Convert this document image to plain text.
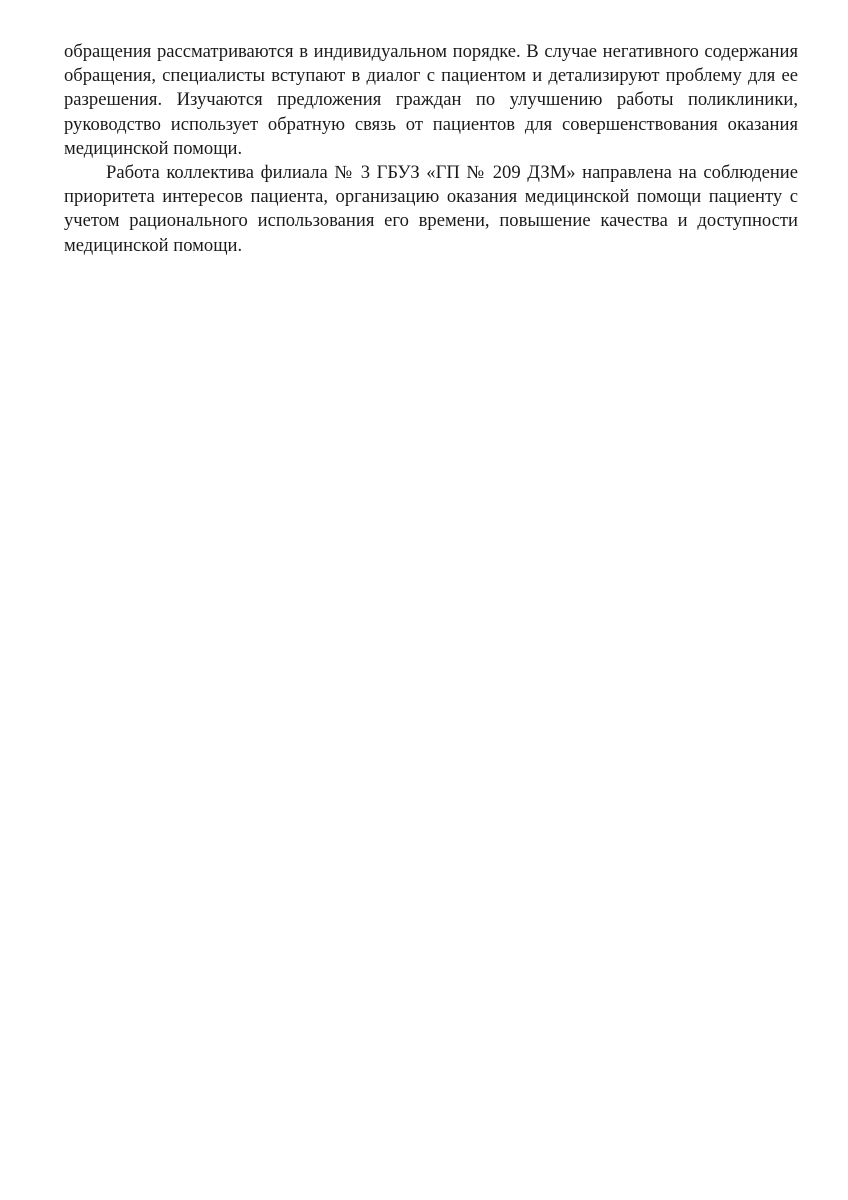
обращения рассматриваются в индивидуальном порядке. В случае негативного содержания обращения, специалисты вступают в диалог с пациентом и детализируют проблему для ее разрешения. Изучаются предложения граждан по улучшению работы поликлиники, руководство использует обратную связь от пациентов для совершенствования оказания медицинской помощи.

Работа коллектива филиала № 3 ГБУЗ «ГП № 209 ДЗМ» направлена на соблюдение приоритета интересов пациента, организацию оказания медицинской помощи пациенту с учетом рационального использования его времени, повышение качества и доступности медицинской помощи.
